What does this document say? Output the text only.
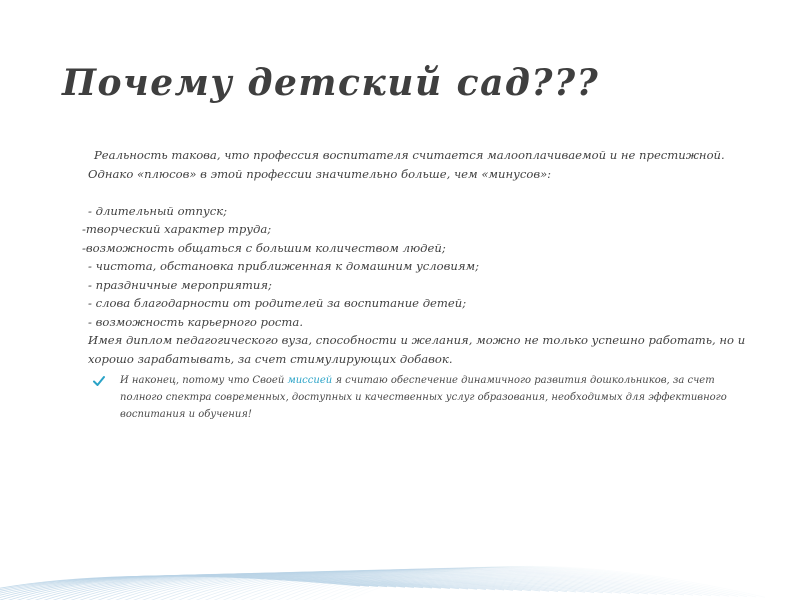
Почему детский сад???
Реальность такова, что профессия воспитателя считается малооплачиваемой и не престижной.
Однако «плюсов» в этой профессии значительно больше, чем «минусов»:
- длительный отпуск;
-творческий характер труда;
-возможность общаться с большим количеством людей;
- чистота, обстановка приближенная к домашним условиям;
- праздничные мероприятия;
- слова благодарности от родителей за воспитание детей;
- возможность карьерного роста.
Имея диплом педагогического вуза, способности и желания, можно не только успешно работать, но и
хорошо зарабатывать, за счет стимулирующих добавок.
И наконец, потому что Своей миссией я считаю обеспечение динамичного развития дошкольников, за счет
полного спектра современных, доступных и качественных услуг образования, необходимых для эффективного
воспитания и обучения!
